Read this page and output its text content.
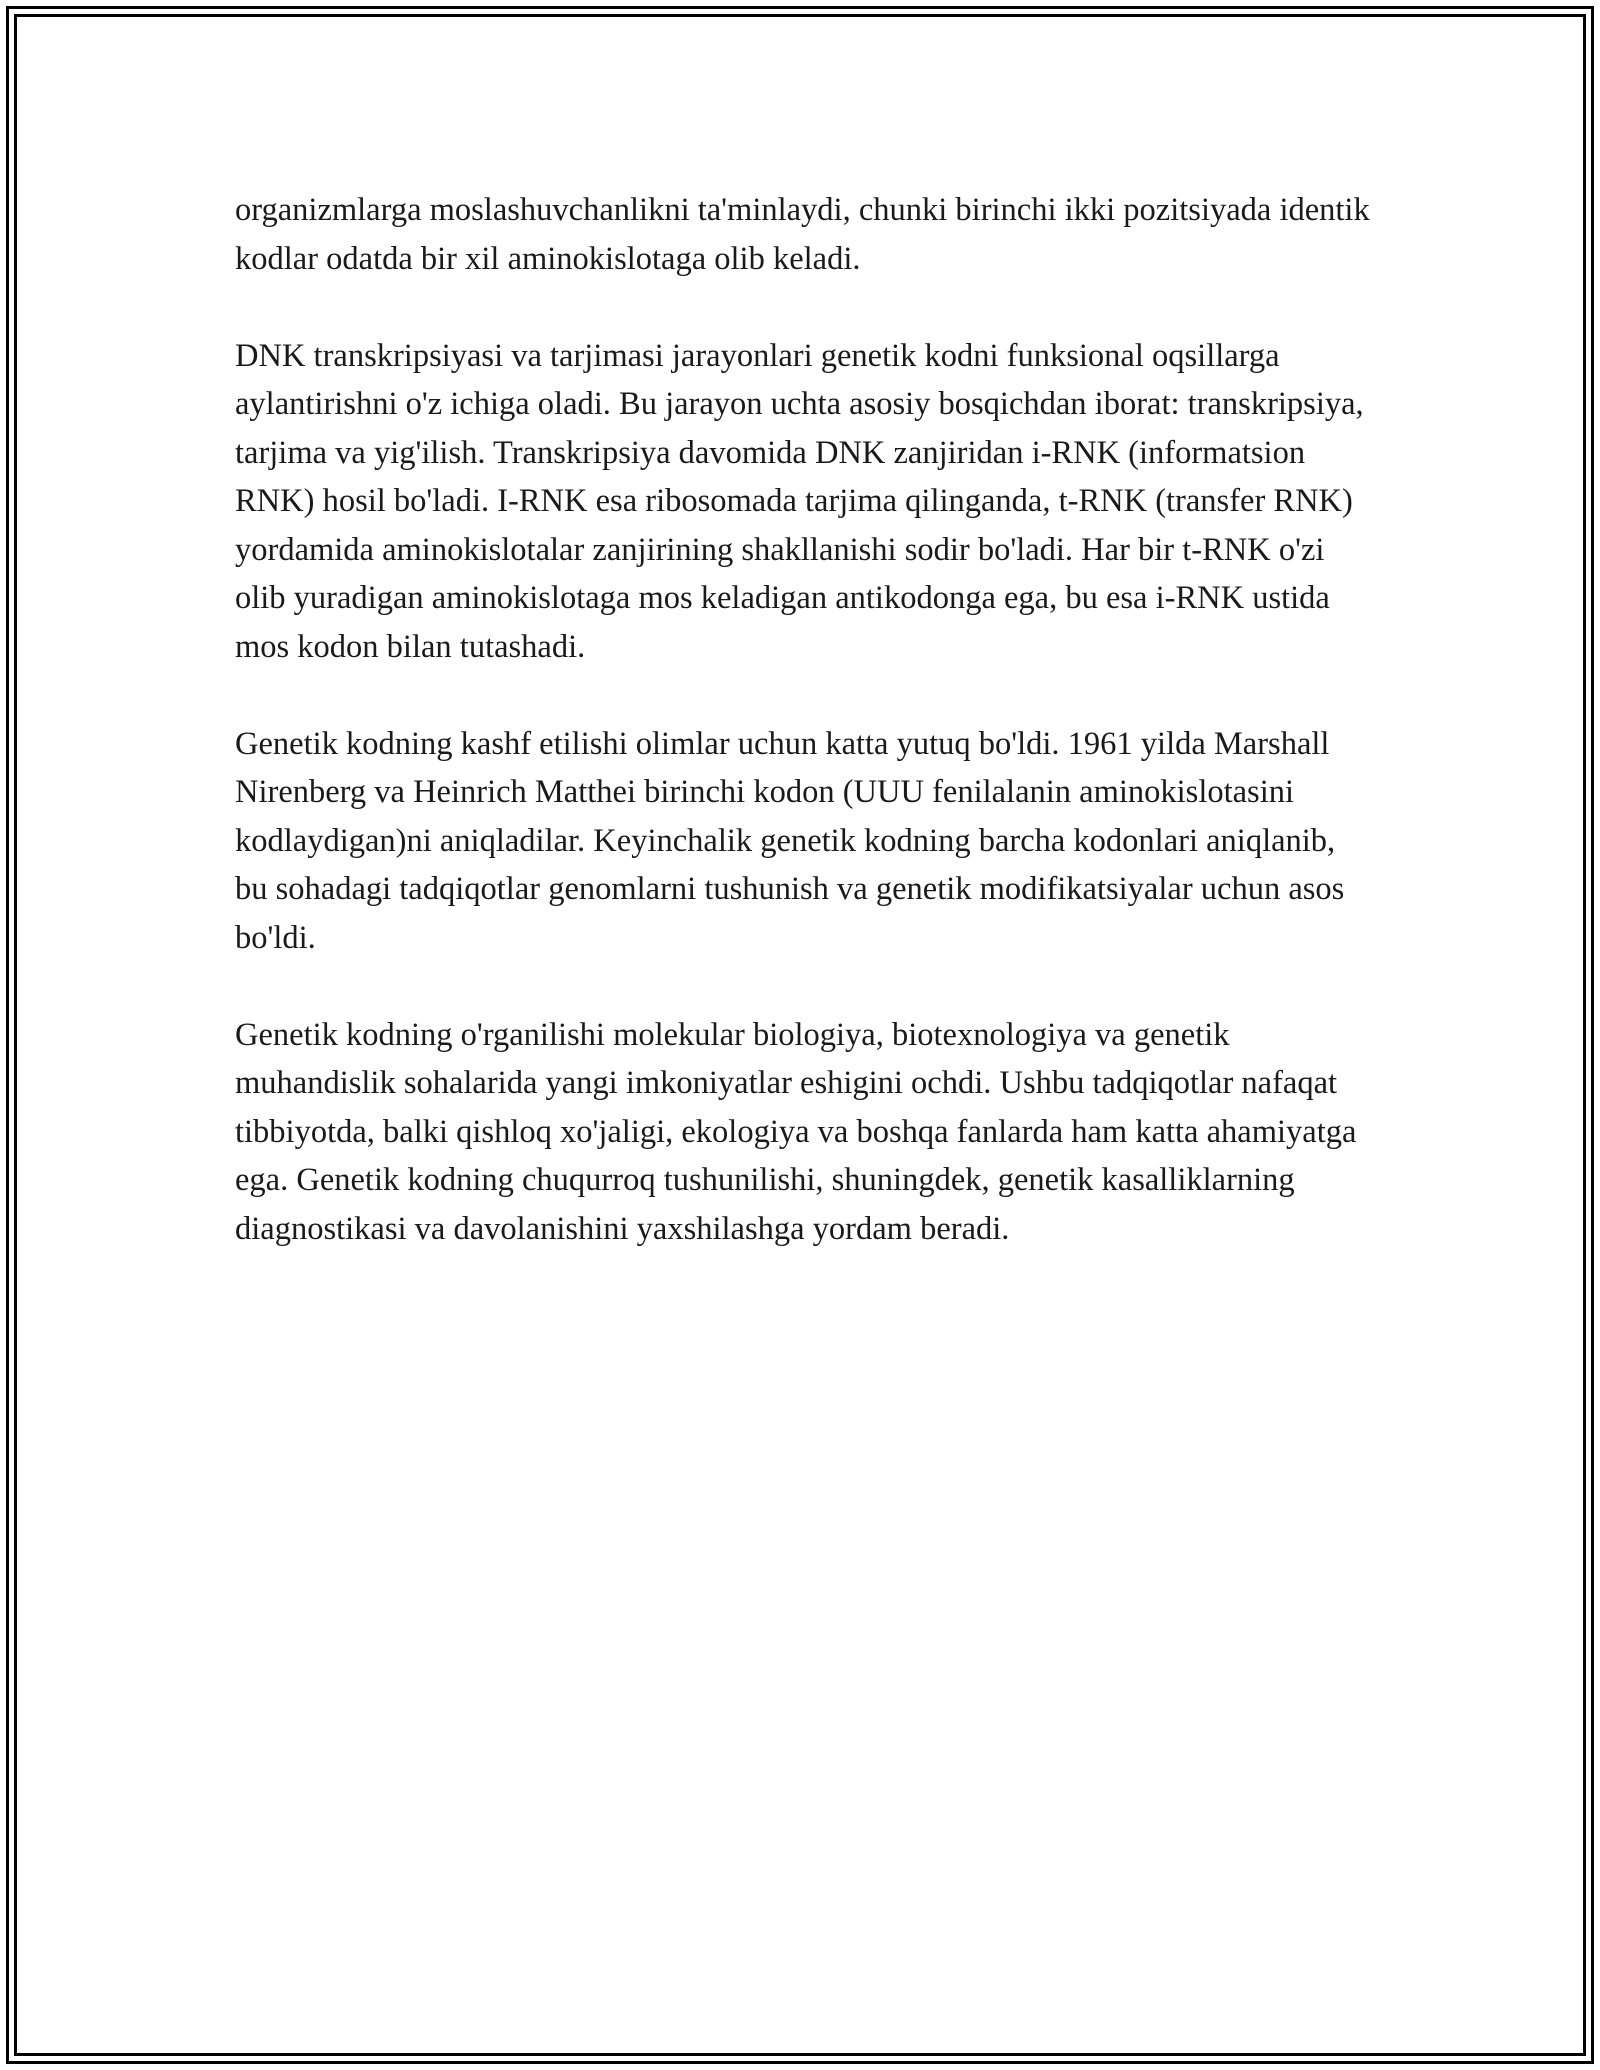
organizmlarga moslashuvchanlikni ta'minlaydi, chunki birinchi ikki pozitsiyada identik kodlar odatda bir xil aminokislotaga olib keladi.

DNK transkripsiyasi va tarjimasi jarayonlari genetik kodni funksional oqsillarga aylantirishni o'z ichiga oladi. Bu jarayon uchta asosiy bosqichdan iborat: transkripsiya, tarjima va yig'ilish. Transkripsiya davomida DNK zanjiridan i-RNK (informatsion RNK) hosil bo'ladi. I-RNK esa ribosomada tarjima qilinganda, t-RNK (transfer RNK) yordamida aminokislotalar zanjirining shakllanishi sodir bo'ladi. Har bir t-RNK o'zi olib yuradigan aminokislotaga mos keladigan antikodonga ega, bu esa i-RNK ustida mos kodon bilan tutashadi.

Genetik kodning kashf etilishi olimlar uchun katta yutuq bo'ldi. 1961 yilda Marshall Nirenberg va Heinrich Matthei birinchi kodon (UUU fenilalanin aminokislotasini kodlaydigan)ni aniqladilar. Keyinchalik genetik kodning barcha kodonlari aniqlanib, bu sohadagi tadqiqotlar genomlarni tushunish va genetik modifikatsiyalar uchun asos bo'ldi.

Genetik kodning o'rganilishi molekular biologiya, biotexnologiya va genetik muhandislik sohalarida yangi imkoniyatlar eshigini ochdi. Ushbu tadqiqotlar nafaqat tibbiyotda, balki qishloq xo'jaligi, ekologiya va boshqa fanlarda ham katta ahamiyatga ega. Genetik kodning chuqurroq tushunilishi, shuningdek, genetik kasalliklarning diagnostikasi va davolanishini yaxshilashga yordam beradi.
